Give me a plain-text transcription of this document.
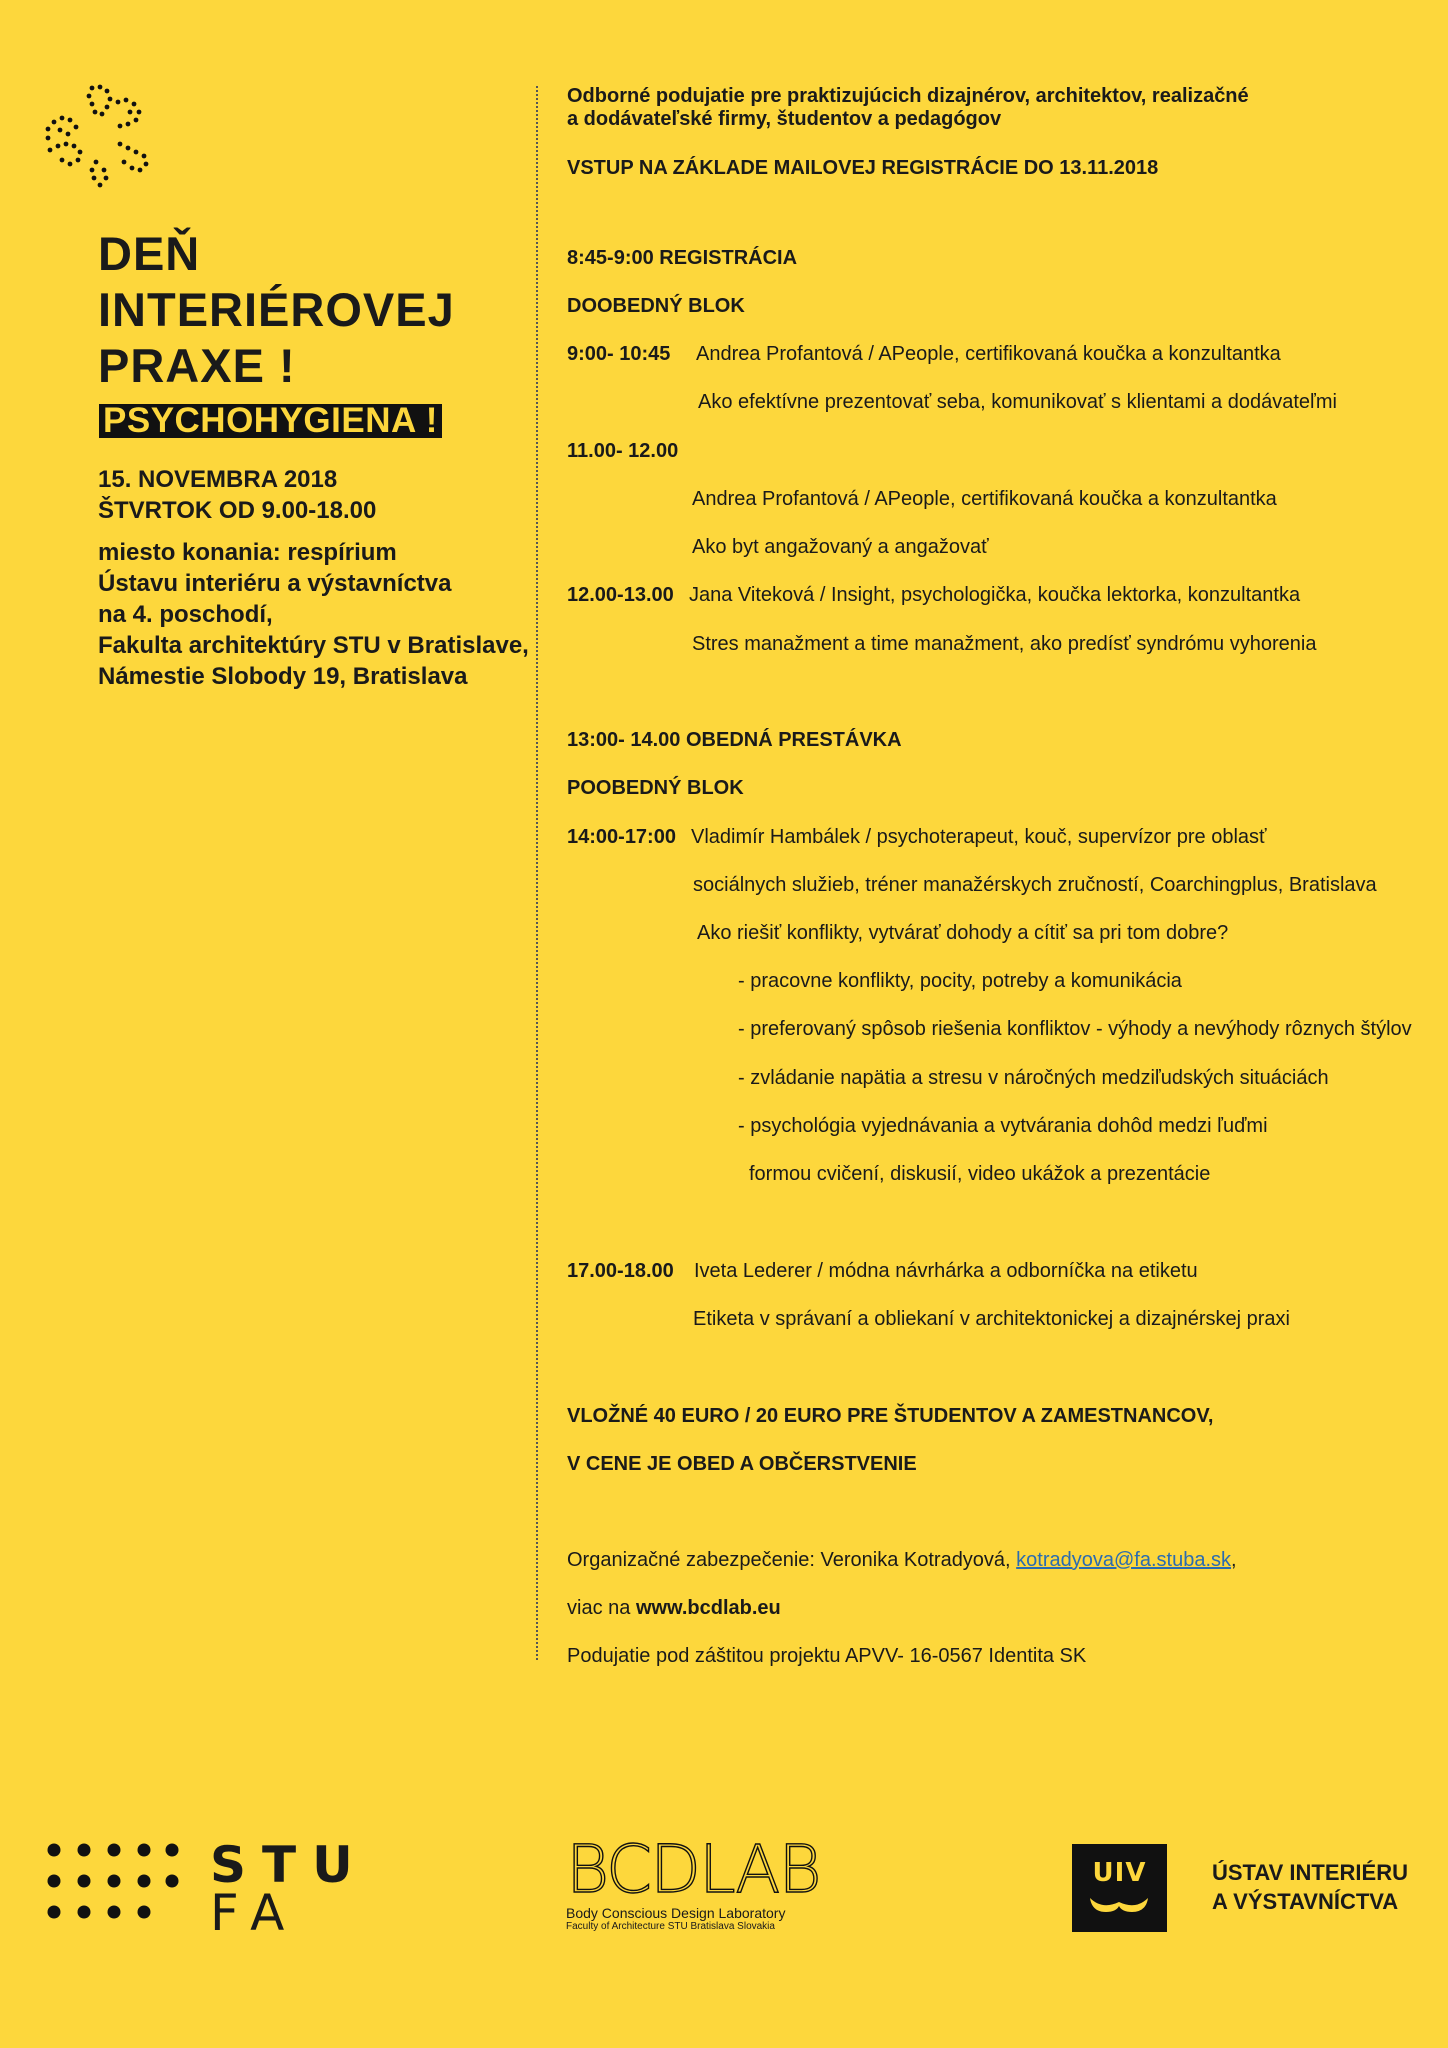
DEŇ
INTERIÉROVEJ
PRAXE !
PSYCHOHYGIENA !
15. NOVEMBRA 2018
ŠTVRTOK OD 9.00-18.00
miesto konania: respírium
Ústavu interiéru a výstavníctva
na 4. poschodí,
Fakulta architektúry STU v Bratislave,
Námestie Slobody 19, Bratislava
Odborné podujatie pre praktizujúcich dizajnérov, architektov, realizačné
a dodávateľské firmy, študentov a pedagógov
VSTUP NA ZÁKLADE MAILOVEJ REGISTRÁCIE DO 13.11.2018
8:45-9:00 REGISTRÁCIA
DOOBEDNÝ BLOK
9:00- 10:45 Andrea Profantová / APeople, certifikovaná koučka a konzultantka
Ako efektívne prezentovať seba, komunikovať s klientami a dodávateľmi
11.00- 12.00
Andrea Profantová / APeople, certifikovaná koučka a konzultantka
Ako byt angažovaný a angažovať
12.00-13.00 Jana Viteková / Insight, psychologička, koučka lektorka, konzultantka
Stres manažment a time manažment, ako predísť syndrómu vyhorenia
13:00- 14.00 OBEDNÁ PRESTÁVKA
POOBEDNÝ BLOK
14:00-17:00 Vladimír Hambálek / psychoterapeut, kouč, supervízor pre oblasť
sociálnych služieb, tréner manažérskych zručností, Coarchingplus, Bratislava
Ako riešiť konflikty, vytvárať dohody a cítiť sa pri tom dobre?
- pracovne konflikty, pocity, potreby a komunikácia
- preferovaný spôsob riešenia konfliktov - výhody a nevýhody rôznych štýlov
- zvládanie napätia a stresu v náročných medziľudských situáciách
- psychológia vyjednávania a vytvárania dohôd medzi ľuďmi
formou cvičení, diskusií, video ukážok a prezentácie
17.00-18.00 Iveta Lederer / módna návrhárka a odborníčka na etiketu
Etiketa v správaní a obliekaní v architektonickej a dizajnérskej praxi
VLOŽNÉ 40 EURO / 20 EURO PRE ŠTUDENTOV A ZAMESTNANCOV,
V CENE JE OBED A OBČERSTVENIE
Organizačné zabezpečenie: Veronika Kotradyová, kotradyova@fa.stuba.sk,
viac na www.bcdlab.eu
Podujatie pod záštitou projektu APVV- 16-0567 Identita SK
STU
FA
BCDLAB
Body Conscious Design Laboratory
Faculty of Architecture STU Bratislava Slovakia
UIV	ÚSTAV INTERIÉRU
A VÝSTAVNÍCTVA
